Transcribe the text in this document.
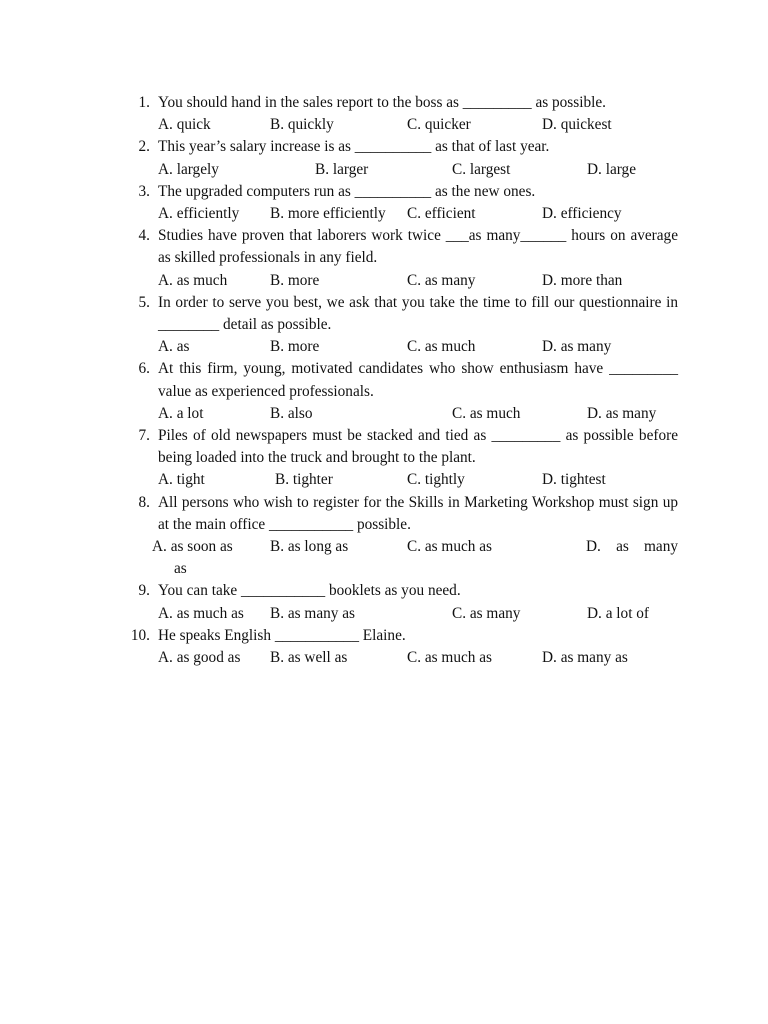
1. You should hand in the sales report to the boss as _________ as possible.
A. quick	B. quickly	C. quicker	D. quickest
2. This year’s salary increase is as __________ as that of last year.
A. largely	B. larger	C. largest	D. large
3. The upgraded computers run as __________ as the new ones.
A. efficiently B. more efficiently C. efficient	D. efficiency
4. Studies have proven that laborers work twice ___as many______ hours on average as skilled professionals in any field.
A. as much	B. more	C. as many	D. more than
5. In order to serve you best, we ask that you take the time to fill our questionnaire in ________ detail as possible.
A. as	B. more	C. as much	D. as many
6. At this firm, young, motivated candidates who show enthusiasm have _________ value as experienced professionals.
A. a lot	B. also	C. as much	D. as many
7. Piles of old newspapers must be stacked and tied as _________ as possible before being loaded into the truck and brought to the plant.
A. tight	B. tighter	C. tightly	D. tightest
8. All persons who wish to register for the Skills in Marketing Workshop must sign up at the main office ___________ possible.
A. as soon as B. as long as	C. as much as	D. as many
as
9. You can take ___________ booklets as you need.
A. as much as B. as many as	C. as many	D. a lot of
10. He speaks English ___________ Elaine.
A. as good as B. as well as	C. as much as	D. as many as
